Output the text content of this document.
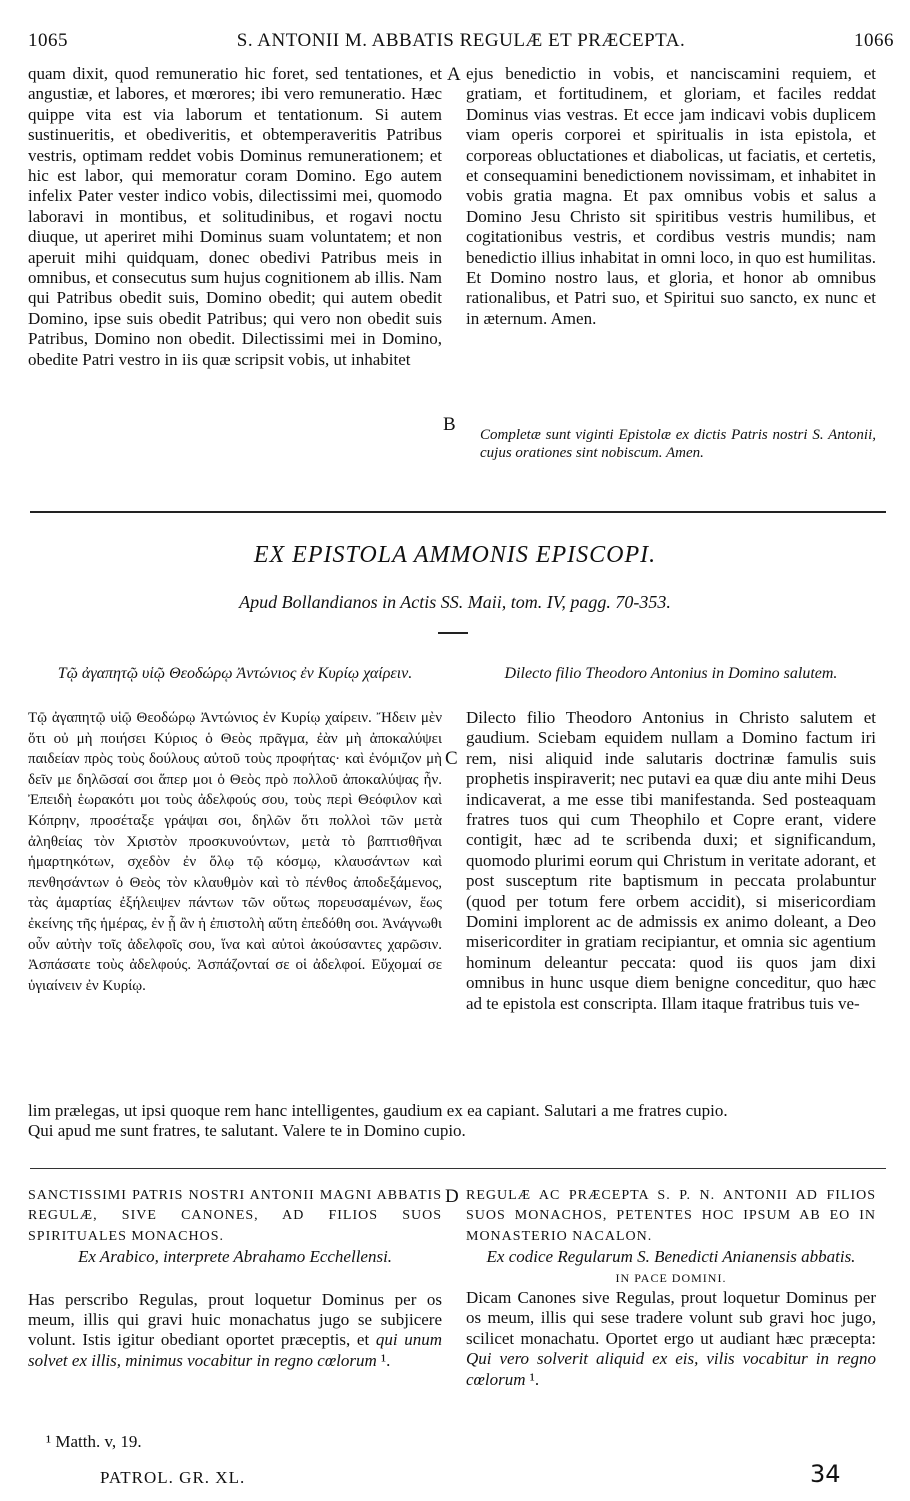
1065	S. ANTONII M. ABBATIS REGULÆ ET PRÆCEPTA.	1066

quam dixit, quod remuneratio hic foret, sed tentationes, et angustiæ, et labores, et mœrores; ibi vero remuneratio. Hæc quippe vita est via laborum et tentationum. Si autem sustinueritis, et obediveritis, et obtemperaveritis Patribus vestris, optimam reddet vobis Dominus remunerationem; et hic est labor, qui memoratur coram Domino. Ego autem infelix Pater vester indico vobis, dilectissimi mei, quomodo laboravi in montibus, et solitudinibus, et rogavi noctu diuque, ut aperiret mihi Dominus suam voluntatem; et non aperuit mihi quidquam, donec obedivi Patribus meis in omnibus, et consecutus sum hujus cognitionem ab illis. Nam qui Patribus obedit suis, Domino obedit; qui autem obedit Domino, ipse suis obedit Patribus; qui vero non obedit suis Patribus, Domino non obedit. Dilectissimi mei in Domino, obedite Patri vestro in iis quæ scripsit vobis, ut inhabitet

A
B

ejus benedictio in vobis, et nanciscamini requiem, et gratiam, et fortitudinem, et gloriam, et faciles reddat Dominus vias vestras. Et ecce jam indicavi vobis duplicem viam operis corporei et spiritualis in ista epistola, et corporeas obluctationes et diabolicas, ut faciatis, et certetis, et consequamini benedictionem novissimam, et inhabitet in vobis gratia magna. Et pax omnibus vobis et salus a Domino Jesu Christo sit spiritibus vestris humilibus, et cogitationibus vestris, et cordibus vestris mundis; nam benedictio illius inhabitat in omni loco, in quo est humilitas. Et Domino nostro laus, et gloria, et honor ab omnibus rationalibus, et Patri suo, et Spiritui suo sancto, ex nunc et in æternum. Amen.

Completæ sunt viginti Epistolæ ex dictis Patris nostri S. Antonii, cujus orationes sint nobiscum. Amen.

EX EPISTOLA AMMONIS EPISCOPI.
Apud Bollandianos in Actis SS. Maii, tom. IV, pagg. 70-353.

Τῷ ἀγαπητῷ υἱῷ Θεοδώρῳ Ἀντώνιος ἐν Κυρίῳ χαίρειν.

Τῷ ἀγαπητῷ υἱῷ Θεοδώρῳ Ἀντώνιος ἐν Κυρίῳ χαίρειν. Ἤδειν μὲν ὅτι οὐ μὴ ποιήσει Κύριος ὁ Θεὸς πρᾶγμα, ἐὰν μὴ ἀποκαλύψει παιδείαν πρὸς τοὺς δούλους αὐτοῦ τοὺς προφήτας· καὶ ἐνόμιζον μὴ δεῖν με δηλῶσαί σοι ἅπερ μοι ὁ Θεὸς πρὸ πολλοῦ ἀποκαλύψας ἦν. Ἐπειδὴ ἑωρακότι μοι τοὺς ἀδελφούς σου, τοὺς περὶ Θεόφιλον καὶ Κόπρην, προσέταξε γράψαι σοι, δηλῶν ὅτι πολλοὶ τῶν μετὰ ἀληθείας τὸν Χριστὸν προσκυνούντων, μετὰ τὸ βαπτισθῆναι ἡμαρτηκότων, σχεδὸν ἐν ὅλῳ τῷ κόσμῳ, κλαυσάντων καὶ πενθησάντων ὁ Θεὸς τὸν κλαυθμὸν καὶ τὸ πένθος ἀποδεξάμενος, τὰς ἁμαρτίας ἐξήλειψεν πάντων τῶν οὕτως πορευσαμένων, ἕως ἐκείνης τῆς ἡμέρας, ἐν ᾗ ἂν ἡ ἐπιστολὴ αὕτη ἐπεδόθη σοι. Ἀνάγνωθι οὖν αὐτὴν τοῖς ἀδελφοῖς σου, ἵνα καὶ αὐτοὶ ἀκούσαντες χαρῶσιν. Ἀσπάσατε τοὺς ἀδελφούς. Ἀσπάζονταί σε οἱ ἀδελφοί. Εὔχομαί σε ὑγιαίνειν ἐν Κυρίῳ.

C

Dilecto filio Theodoro Antonius in Domino salutem.

Dilecto filio Theodoro Antonius in Christo salutem et gaudium. Sciebam equidem nullam a Domino factum iri rem, nisi aliquid inde salutaris doctrinæ famulis suis prophetis inspiraverit; nec putavi ea quæ diu ante mihi Deus indicaverat, a me esse tibi manifestanda. Sed posteaquam fratres tuos qui cum Theophilo et Copre erant, videre contigit, hæc ad te scribenda duxi; et significandum, quomodo plurimi eorum qui Christum in veritate adorant, et post susceptum rite baptismum in peccata prolabuntur (quod per totum fere orbem accidit), si misericordiam Domini implorent ac de admissis ex animo doleant, a Deo misericorditer in gratiam recipiantur, et omnia sic agentium hominum deleantur peccata: quod iis quos jam dixi omnibus in hunc usque diem benigne conceditur, quo hæc ad te epistola est conscripta. Illam itaque fratribus tuis ve-

lim prælegas, ut ipsi quoque rem hanc intelligentes, gaudium ex ea capiant. Salutari a me fratres cupio.

Qui apud me sunt fratres, te salutant. Valere te in Domino cupio.

SANCTISSIMI PATRIS NOSTRI ANTONII MAGNI ABBATIS REGULÆ, SIVE CANONES, AD FILIOS SUOS SPIRITUALES MONACHOS.

Ex Arabico, interprete Abrahamo Ecchellensi.

Has perscribo Regulas, prout loquetur Dominus per os meum, illis qui gravi huic monachatus jugo se subjicere volunt. Istis igitur obediant oportet præceptis, et qui unum solvet ex illis, minimus vocabitur in regno cœlorum ¹.

D REGULÆ AC PRÆCEPTA S. P. N. ANTONII AD FILIOS SUOS MONACHOS, PETENTES HOC IPSUM AB EO IN MONASTERIO NACALON.

Ex codice Regularum S. Benedicti Anianensis abbatis.

IN PACE DOMINI.

Dicam Canones sive Regulas, prout loquetur Dominus per os meum, illis qui sese tradere volunt sub gravi hoc jugo, scilicet monachatu. Oportet ergo ut audiant hæc præcepta: Qui vero solverit aliquid ex eis, vilis vocabitur in regno cœlorum ¹.

¹ Matth. v, 19.
PATROL. GR. XL.	34
